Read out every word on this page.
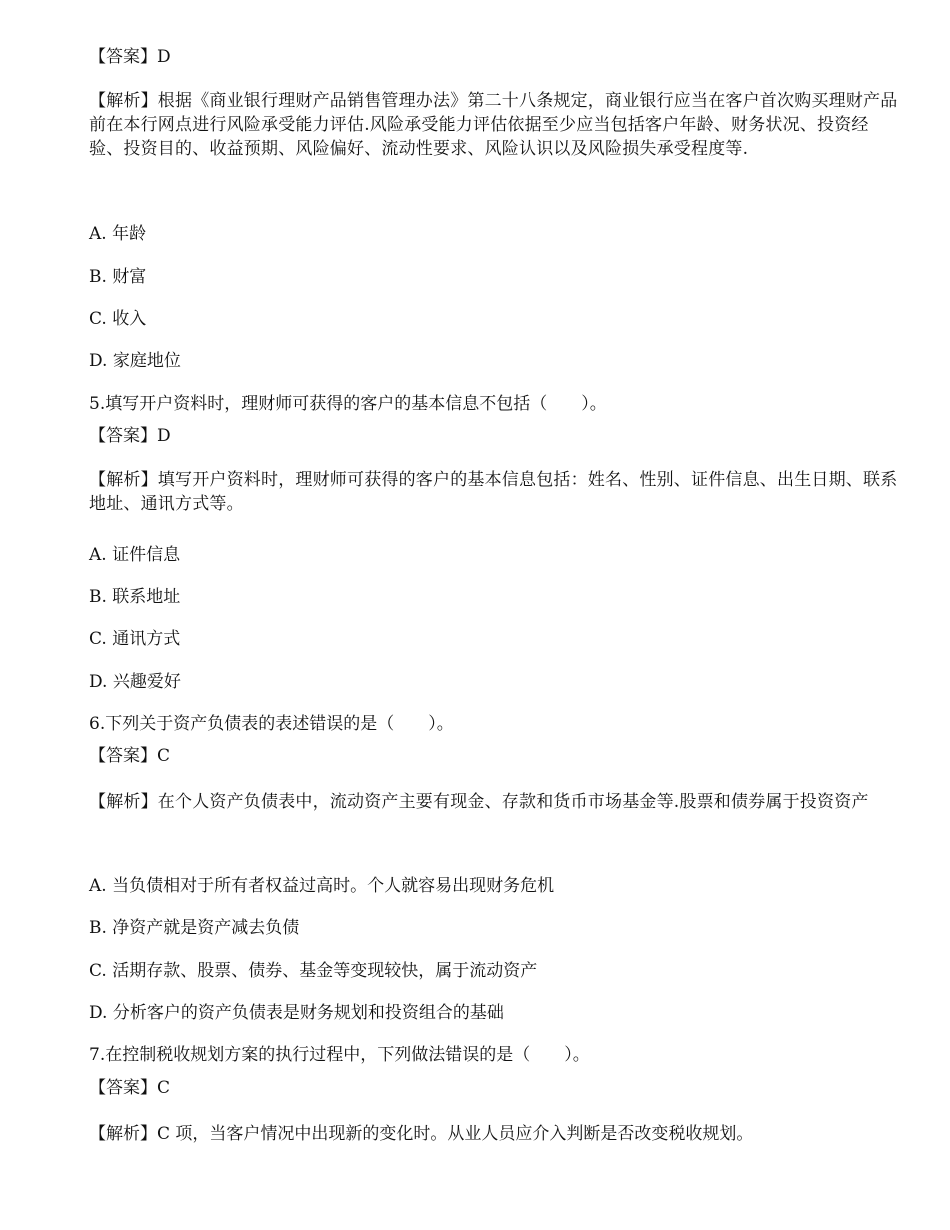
【答案】D
【解析】根据《商业银行理财产品销售管理办法》第二十八条规定，商业银行应当在客户首次购买理财产品前在本行网点进行风险承受能力评估.风险承受能力评估依据至少应当包括客户年龄、财务状况、投资经验、投资目的、收益预期、风险偏好、流动性要求、风险认识以及风险损失承受程度等.
A. 年龄
B. 财富
C. 收入
D. 家庭地位
5.填写开户资料时，理财师可获得的客户的基本信息不包括（　　）。
【答案】D
【解析】填写开户资料时，理财师可获得的客户的基本信息包括：姓名、性别、证件信息、出生日期、联系地址、通讯方式等。
A. 证件信息
B. 联系地址
C. 通讯方式
D. 兴趣爱好
6.下列关于资产负债表的表述错误的是（　　）。
【答案】C
【解析】在个人资产负债表中，流动资产主要有现金、存款和货币市场基金等.股票和债券属于投资资产
A. 当负债相对于所有者权益过高时。个人就容易出现财务危机
B. 净资产就是资产减去负债
C. 活期存款、股票、债券、基金等变现较快，属于流动资产
D. 分析客户的资产负债表是财务规划和投资组合的基础
7.在控制税收规划方案的执行过程中，下列做法错误的是（　　）。
【答案】C
【解析】C 项，当客户情况中出现新的变化时。从业人员应介入判断是否改变税收规划。
